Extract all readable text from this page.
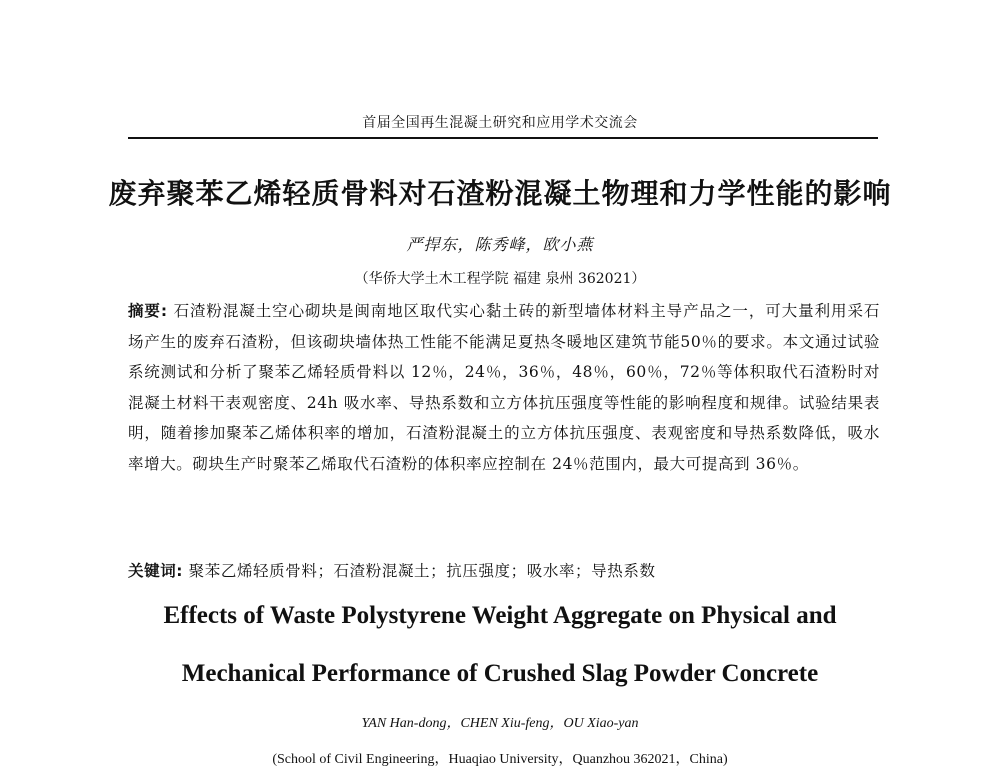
首届全国再生混凝土研究和应用学术交流会
废弃聚苯乙烯轻质骨料对石渣粉混凝土物理和力学性能的影响
严捍东，陈秀峰，欧小燕
（华侨大学土木工程学院 福建 泉州 362021）
摘要: 石渣粉混凝土空心砌块是闽南地区取代实心黏土砖的新型墙体材料主导产品之一，可大量利用采石场产生的废弃石渣粉，但该砌块墙体热工性能不能满足夏热冬暖地区建筑节能50％的要求。本文通过试验系统测试和分析了聚苯乙烯轻质骨料以 12％，24％，36％，48％，60％，72％等体积取代石渣粉时对混凝土材料干表观密度、24h 吸水率、导热系数和立方体抗压强度等性能的影响程度和规律。试验结果表明，随着掺加聚苯乙烯体积率的增加，石渣粉混凝土的立方体抗压强度、表观密度和导热系数降低，吸水率增大。砌块生产时聚苯乙烯取代石渣粉的体积率应控制在 24％范围内，最大可提高到 36％。
关键词: 聚苯乙烯轻质骨料；石渣粉混凝土；抗压强度；吸水率；导热系数
Effects of Waste Polystyrene Weight Aggregate on Physical and
Mechanical Performance of Crushed Slag Powder Concrete
YAN Han-dong，CHEN Xiu-feng，OU Xiao-yan
(School of Civil Engineering，Huaqiao University，Quanzhou 362021，China)
